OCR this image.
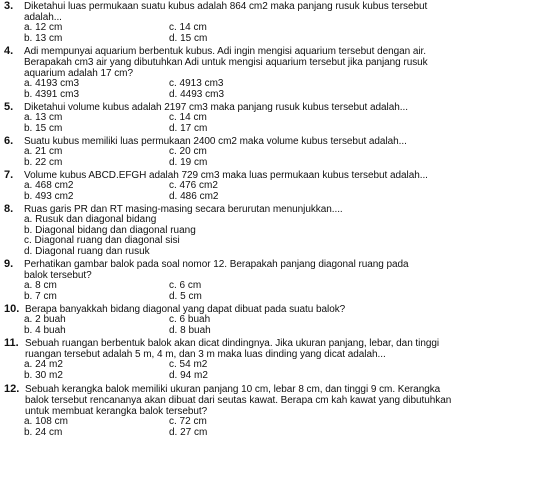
3.	Diketahui luas permukaan suatu kubus adalah 864 cm2 maka panjang rusuk kubus tersebut
adalah...
a. 12 cm	c. 14 cm
b. 13 cm	d. 15 cm
4.	Adi mempunyai aquarium berbentuk kubus. Adi ingin mengisi aquarium tersebut dengan air.
Berapakah cm3 air yang dibutuhkan Adi untuk mengisi aquarium tersebut jika panjang rusuk
aquarium adalah 17 cm?
a. 4193 cm3	c. 4913 cm3
b. 4391 cm3	d. 4493 cm3
5.	Diketahui volume kubus adalah 2197 cm3 maka panjang rusuk kubus tersebut adalah...
a. 13 cm	c. 14 cm
b. 15 cm	d. 17 cm
6.	Suatu kubus memiliki luas permukaan 2400 cm2 maka volume kubus tersebut adalah...
a. 21 cm	c. 20 cm
b. 22 cm	d. 19 cm
7.	Volume kubus ABCD.EFGH adalah 729 cm3 maka luas permukaan kubus tersebut adalah...
a. 468 cm2	c. 476 cm2
b. 493 cm2	d. 486 cm2
8.	Ruas garis PR dan RT masing-masing secara berurutan menunjukkan....
a. Rusuk dan diagonal bidang
b. Diagonal bidang dan diagonal ruang
c. Diagonal ruang dan diagonal sisi
d. Diagonal ruang dan rusuk
9.	Perhatikan gambar balok pada soal nomor 12. Berapakah panjang diagonal ruang pada
balok tersebut?
a. 8 cm	c. 6 cm
b. 7 cm	d. 5 cm
10. Berapa banyakkah bidang diagonal yang dapat dibuat pada suatu balok?
a. 2 buah	c. 6 buah
b. 4 buah	d. 8 buah
11. Sebuah ruangan berbentuk balok akan dicat dindingnya. Jika ukuran panjang, lebar, dan tinggi
ruangan tersebut adalah 5 m, 4 m, dan 3 m maka luas dinding yang dicat adalah...
a. 24 m2	c. 54 m2
b. 30 m2	d. 94 m2
12. Sebuah kerangka balok memiliki ukuran panjang 10 cm, lebar 8 cm, dan tinggi 9 cm. Kerangka
balok tersebut rencananya akan dibuat dari seutas kawat. Berapa cm kah kawat yang dibutuhkan
untuk membuat kerangka balok tersebut?
a. 108 cm	c. 72 cm
b. 24 cm	d. 27 cm
